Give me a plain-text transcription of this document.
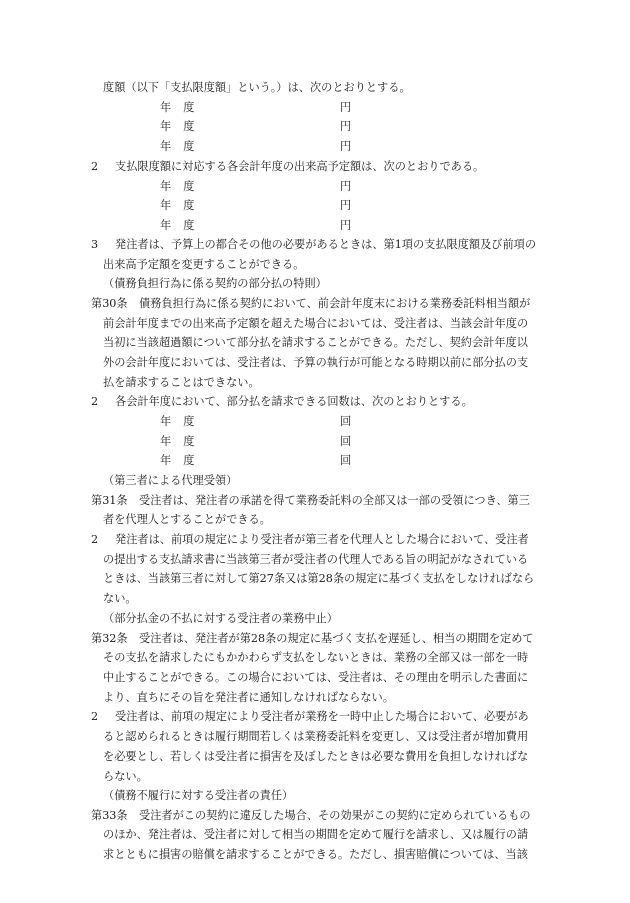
度額（以下「支払限度額」という。）は、次のとおりとする。
年度	円
年度	円
年度	円
2 支払限度額に対応する各会計年度の出来高予定額は、次のとおりである。
年度	円
年度	円
年度	円
3 発注者は、予算上の都合その他の必要があるときは、第1項の支払限度額及び前項の
出来高予定額を変更することができる。
（債務負担行為に係る契約の部分払の特則）
第30条 債務負担行為に係る契約において、前会計年度末における業務委託料相当額が
前会計年度までの出来高予定額を超えた場合においては、受注者は、当該会計年度の
当初に当該超過額について部分払を請求することができる。ただし、契約会計年度以
外の会計年度においては、受注者は、予算の執行が可能となる時期以前に部分払の支
払を請求することはできない。
2 各会計年度において、部分払を請求できる回数は、次のとおりとする。
年度	回
年度	回
年度	回
（第三者による代理受領）
第31条 受注者は、発注者の承諾を得て業務委託料の全部又は一部の受領につき、第三
者を代理人とすることができる。
2 発注者は、前項の規定により受注者が第三者を代理人とした場合において、受注者
の提出する支払請求書に当該第三者が受注者の代理人である旨の明記がなされている
ときは、当該第三者に対して第27条又は第28条の規定に基づく支払をしなければなら
ない。
（部分払金の不払に対する受注者の業務中止）
第32条 受注者は、発注者が第28条の規定に基づく支払を遅延し、相当の期間を定めて
その支払を請求したにもかかわらず支払をしないときは、業務の全部又は一部を一時
中止することができる。この場合においては、受注者は、その理由を明示した書面に
より、直ちにその旨を発注者に通知しなければならない。
2 受注者は、前項の規定により受注者が業務を一時中止した場合において、必要があ
ると認められるときは履行期間若しくは業務委託料を変更し、又は受注者が増加費用
を必要とし、若しくは受注者に損害を及ぼしたときは必要な費用を負担しなければな
らない。
（債務不履行に対する受注者の責任）
第33条 受注者がこの契約に違反した場合、その効果がこの契約に定められているもの
のほか、発注者は、受注者に対して相当の期間を定めて履行を請求し、又は履行の請
求とともに損害の賠償を請求することができる。ただし、損害賠償については、当該
